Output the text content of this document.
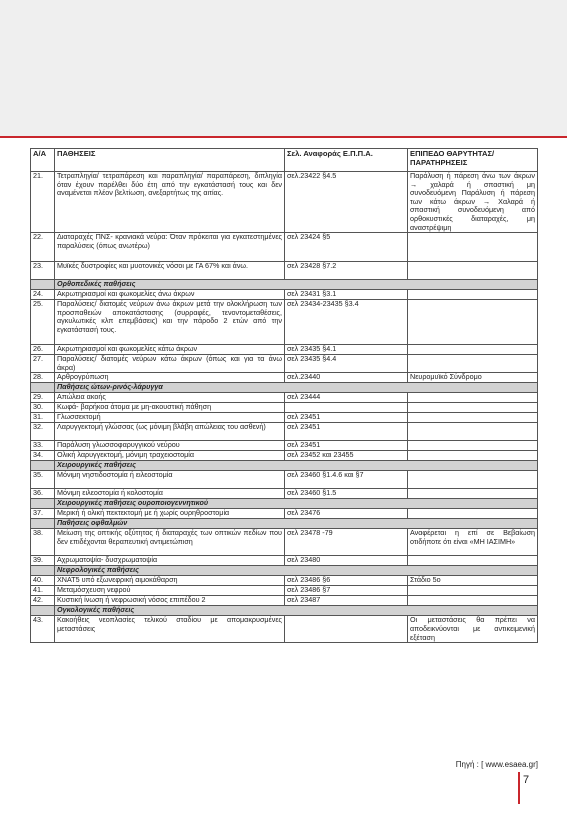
Α/Α	ΠΑΘΗΣΕΙΣ	Σελ. Αναφοράς Ε.Π.Π.Α.	ΕΠΙΠΕΔΟ ΘΑΡΥΤΗΤΑΣ/ ΠΑΡΑΤΗΡΗΣΕΙΣ
21.	Τετραπληγία/ τετραπάρεση και παραπληγία/ παραπάρεση, διπληγία όταν έχουν παρέλθει δύο έτη από την εγκατάστασή τους και δεν αναμένεται πλέον βελτίωση, ανεξαρτήτως της αιτίας.	σελ.23422 §4.5	Παράλυση ή πάρεση άνω των άκρων → χαλαρά ή σπαστική μη συνοδευόμενη Παράλυση ή πάρεση των κάτω άκρων → Χαλαρά ή σπαστική συνοδευόμενη από ορθοκυστικές διαταραχές, μη αναστρέψιμη
22.	Διαταραχές ΠΝΣ- κρανιακά νεύρα: Όταν πρόκειται για εγκατεστημένες παραλύσεις (όπως ανωτέρω)	σελ 23424 §5	
23.	Μυϊκές δυστροφίες και μυοτονικές νόσοι με ΓΑ 67% και άνω.	σελ 23428 §7.2	
	Ορθοπεδικές παθήσεις		
24.	Ακρωτηριασμοί και φωκομελίες άνω άκρων	σελ 23431 §3.1	
25.	Παραλύσεις/ διατομές νεύρων άνω άκρων μετά την ολοκλήρωση των προσπαθειών αποκατάστασης (συρραφές, τενοντομεταθέσεις, αγκυλωτικές κλπ επεμβάσεις) και την πάροδο 2 ετών από την εγκατάστασή τους.	σελ 23434-23435 §3.4	
26.	Ακρωτηριασμοί και φωκομελίες κάτω άκρων	σελ 23435 §4.1	
27.	Παραλύσεις/ διατομές νεύρων κάτω άκρων (όπως και για τα άνω άκρα)	σελ 23435 §4.4	
28.	Αρθρογρύπωση	σελ.23440	Νευρομυϊκό Σύνδρομο
	Παθήσεις ώτων-ρινός-λάρυγγα		
29.	Απώλεια ακοής	σελ 23444	
30.	Κωφά- βαρήκοα άτομα με μη-ακουστική πάθηση		
31.	Γλωσσεκτομή	σελ 23451	
32.	Λαρυγγεκτομή γλώσσας (ως μόνιμη βλάβη απώλειας του ασθενή)	σελ 23451	
33.	Παράλυση γλωσσοφαρυγγικού νεύρου	σελ 23451	
34.	Ολική λαρυγγεκτομή, μόνιμη τραχειοστομία	σελ 23452 και 23455	
	Χειρουργικές παθήσεις		
35.	Μόνιμη νηστιδοστομία ή ειλεοστομία	σελ 23460 §1.4.6 και §7	
36.	Μόνιμη ειλεοστομία ή κολοστομία	σελ 23460 §1.5	
	Χειρουργικές παθήσεις ουροποιογεννητικού		
37.	Μερική ή ολική πεκτεκτομή με ή χωρίς ουρηθροστομία	σελ 23476	
	Παθήσεις οφθαλμών		
38.	Μείωση της οπτικής οξύτητας ή διαταραχές των οπτικών πεδίων που δεν επιδέχονται θεραπευτική αντιμετώπιση	σελ 23478 -79	Αναφέρεται η επί σε Βεβαίωση οτιδήποτε ότι είναι «ΜΗ ΙΑΣΙΜΗ»
39.	Αχρωματοψία- δυσχρωματοψία	σελ 23480	
	Νεφρολογικές παθήσεις		
40.	ΧΝΑΤ5 υπό εξωνεφρική αιμοκάθαρση	σελ 23486 §6	Στάδιο 5ο
41.	Μεταμόσχευση νεφρού	σελ 23486 §7	
42.	Κυστική ίνωση ή νεφρωσική νόσος επιπέδου 2	σελ 23487	
	Ογκολογικές παθήσεις		
43.	Κακοήθεις νεοπλασίες τελικού σταδίου με απομακρυσμένες μεταστάσεις		Οι μεταστάσεις θα πρέπει να αποδεικνύονται με αντικειμενική εξέταση
Πηγή : [ www.esaea.gr]
7
